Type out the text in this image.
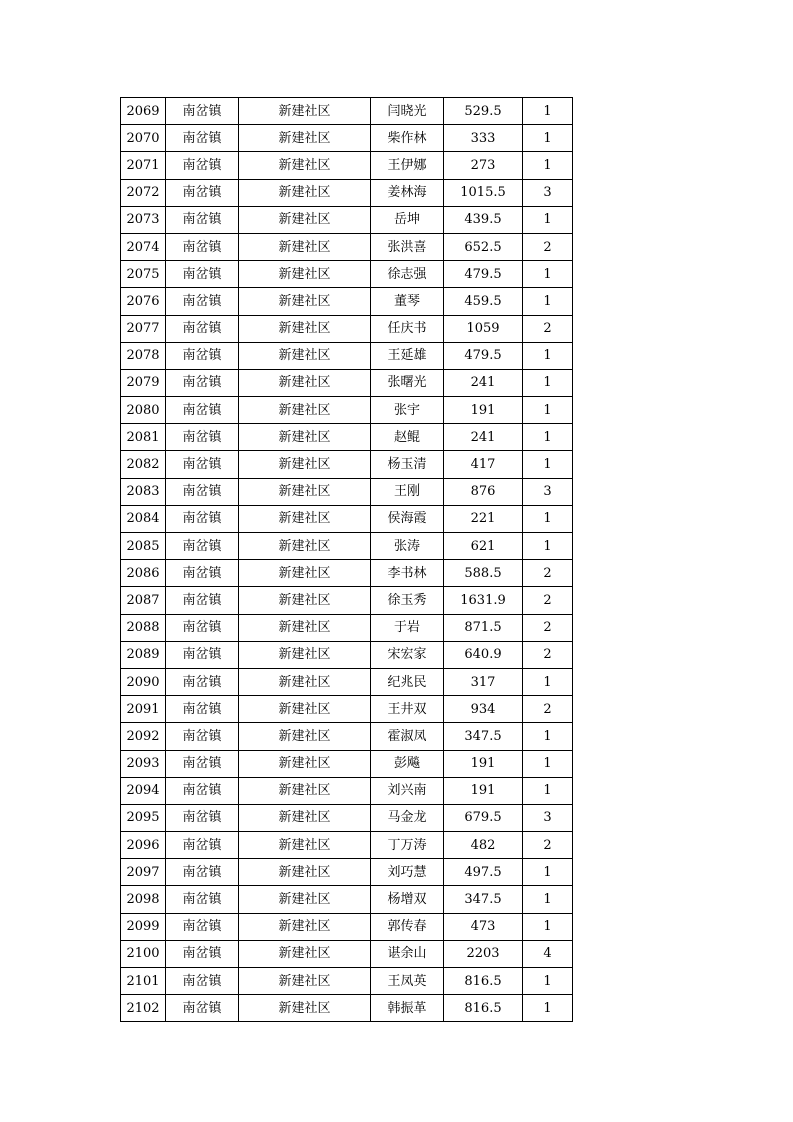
2069	南岔镇	新建社区	闫晓光	529.5	1
2070	南岔镇	新建社区	柴作林	333	1
2071	南岔镇	新建社区	王伊娜	273	1
2072	南岔镇	新建社区	姜林海	1015.5	3
2073	南岔镇	新建社区	岳坤	439.5	1
2074	南岔镇	新建社区	张洪喜	652.5	2
2075	南岔镇	新建社区	徐志强	479.5	1
2076	南岔镇	新建社区	董琴	459.5	1
2077	南岔镇	新建社区	任庆书	1059	2
2078	南岔镇	新建社区	王延雄	479.5	1
2079	南岔镇	新建社区	张曙光	241	1
2080	南岔镇	新建社区	张宇	191	1
2081	南岔镇	新建社区	赵鲲	241	1
2082	南岔镇	新建社区	杨玉清	417	1
2083	南岔镇	新建社区	王刚	876	3
2084	南岔镇	新建社区	侯海霞	221	1
2085	南岔镇	新建社区	张涛	621	1
2086	南岔镇	新建社区	李书林	588.5	2
2087	南岔镇	新建社区	徐玉秀	1631.9	2
2088	南岔镇	新建社区	于岩	871.5	2
2089	南岔镇	新建社区	宋宏家	640.9	2
2090	南岔镇	新建社区	纪兆民	317	1
2091	南岔镇	新建社区	王井双	934	2
2092	南岔镇	新建社区	霍淑凤	347.5	1
2093	南岔镇	新建社区	彭飚	191	1
2094	南岔镇	新建社区	刘兴南	191	1
2095	南岔镇	新建社区	马金龙	679.5	3
2096	南岔镇	新建社区	丁万涛	482	2
2097	南岔镇	新建社区	刘巧慧	497.5	1
2098	南岔镇	新建社区	杨增双	347.5	1
2099	南岔镇	新建社区	郭传春	473	1
2100	南岔镇	新建社区	谌余山	2203	4
2101	南岔镇	新建社区	王凤英	816.5	1
2102	南岔镇	新建社区	韩振革	816.5	1
